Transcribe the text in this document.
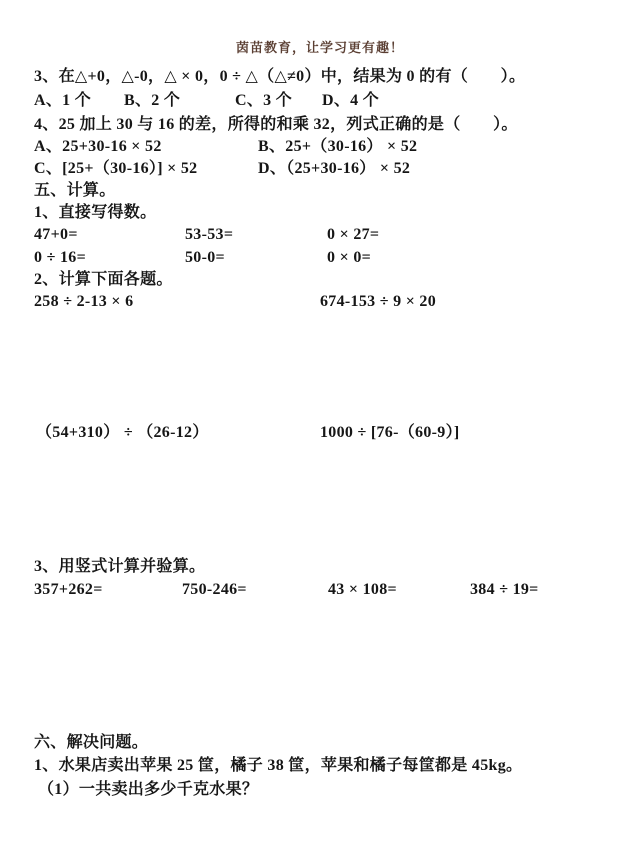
茵苗教育，让学习更有趣！
3、在△+0，△-0，△ × 0，0 ÷ △（△≠0）中，结果为 0 的有（　　）。
A、1 个 B、2 个	C、3 个 D、4 个
4、25 加上 30 与 16 的差，所得的和乘 32，列式正确的是（　　）。
A、25+30-16 × 52	B、25+（30-16） × 52
C、[25+（30-16）] × 52	D、（25+30-16） × 52
五、计算。
1、直接写得数。
47+0=	53-53=	0 × 27=
0 ÷ 16=	50-0=	0 × 0=
2、计算下面各题。
258 ÷ 2-13 × 6	674-153 ÷ 9 × 20
（54+310） ÷ （26-12）	1000 ÷ [76-（60-9）]
3、用竖式计算并验算。
357+262=	750-246=	43 × 108=	384 ÷ 19=
六、解决问题。
1、水果店卖出苹果 25 筐，橘子 38 筐，苹果和橘子每筐都是 45kg。
（1）一共卖出多少千克水果？
